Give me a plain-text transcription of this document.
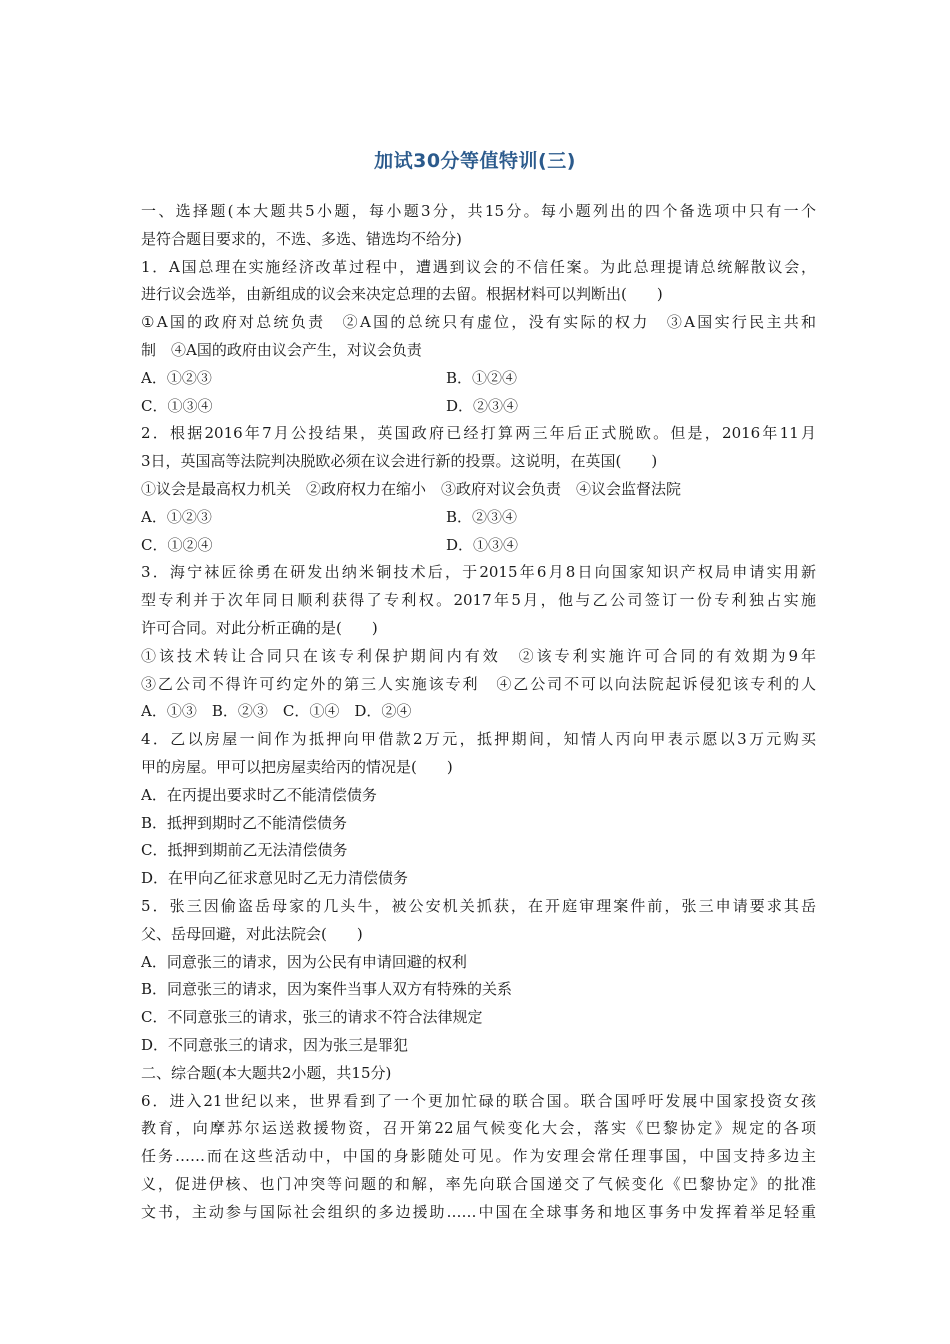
加试30分等值特训(三)
一、选择题(本大题共5小题，每小题3分，共15分。每小题列出的四个备选项中只有一个
是符合题目要求的，不选、多选、错选均不给分)
1．A国总理在实施经济改革过程中，遭遇到议会的不信任案。为此总理提请总统解散议会，
进行议会选举，由新组成的议会来决定总理的去留。根据材料可以判断出(　　)
①A国的政府对总统负责　②A国的总统只有虚位，没有实际的权力　③A国实行民主共和
制　④A国的政府由议会产生，对议会负责
A．①②③	B．①②④
C．①③④	D．②③④
2．根据2016年7月公投结果，英国政府已经打算两三年后正式脱欧。但是，2016年11月
3日，英国高等法院判决脱欧必须在议会进行新的投票。这说明，在英国(　　)
①议会是最高权力机关　②政府权力在缩小　③政府对议会负责　④议会监督法院
A．①②③	B．②③④
C．①②④	D．①③④
3．海宁袜匠徐勇在研发出纳米铜技术后，于2015年6月8日向国家知识产权局申请实用新
型专利并于次年同日顺利获得了专利权。2017年5月，他与乙公司签订一份专利独占实施
许可合同。对此分析正确的是(　　)
①该技术转让合同只在该专利保护期间内有效　②该专利实施许可合同的有效期为9年
③乙公司不得许可约定外的第三人实施该专利　④乙公司不可以向法院起诉侵犯该专利的人
A．①③　B．②③　C．①④　D．②④
4．乙以房屋一间作为抵押向甲借款2万元，抵押期间，知情人丙向甲表示愿以3万元购买
甲的房屋。甲可以把房屋卖给丙的情况是(　　)
A．在丙提出要求时乙不能清偿债务
B．抵押到期时乙不能清偿债务
C．抵押到期前乙无法清偿债务
D．在甲向乙征求意见时乙无力清偿债务
5．张三因偷盗岳母家的几头牛，被公安机关抓获，在开庭审理案件前，张三申请要求其岳
父、岳母回避，对此法院会(　　)
A．同意张三的请求，因为公民有申请回避的权利
B．同意张三的请求，因为案件当事人双方有特殊的关系
C．不同意张三的请求，张三的请求不符合法律规定
D．不同意张三的请求，因为张三是罪犯
二、综合题(本大题共2小题，共15分)
6．进入21世纪以来，世界看到了一个更加忙碌的联合国。联合国呼吁发展中国家投资女孩
教育，向摩苏尔运送救援物资，召开第22届气候变化大会，落实《巴黎协定》规定的各项
任务……而在这些活动中，中国的身影随处可见。作为安理会常任理事国，中国支持多边主
义，促进伊核、也门冲突等问题的和解，率先向联合国递交了气候变化《巴黎协定》的批准
文书，主动参与国际社会组织的多边援助……中国在全球事务和地区事务中发挥着举足轻重
